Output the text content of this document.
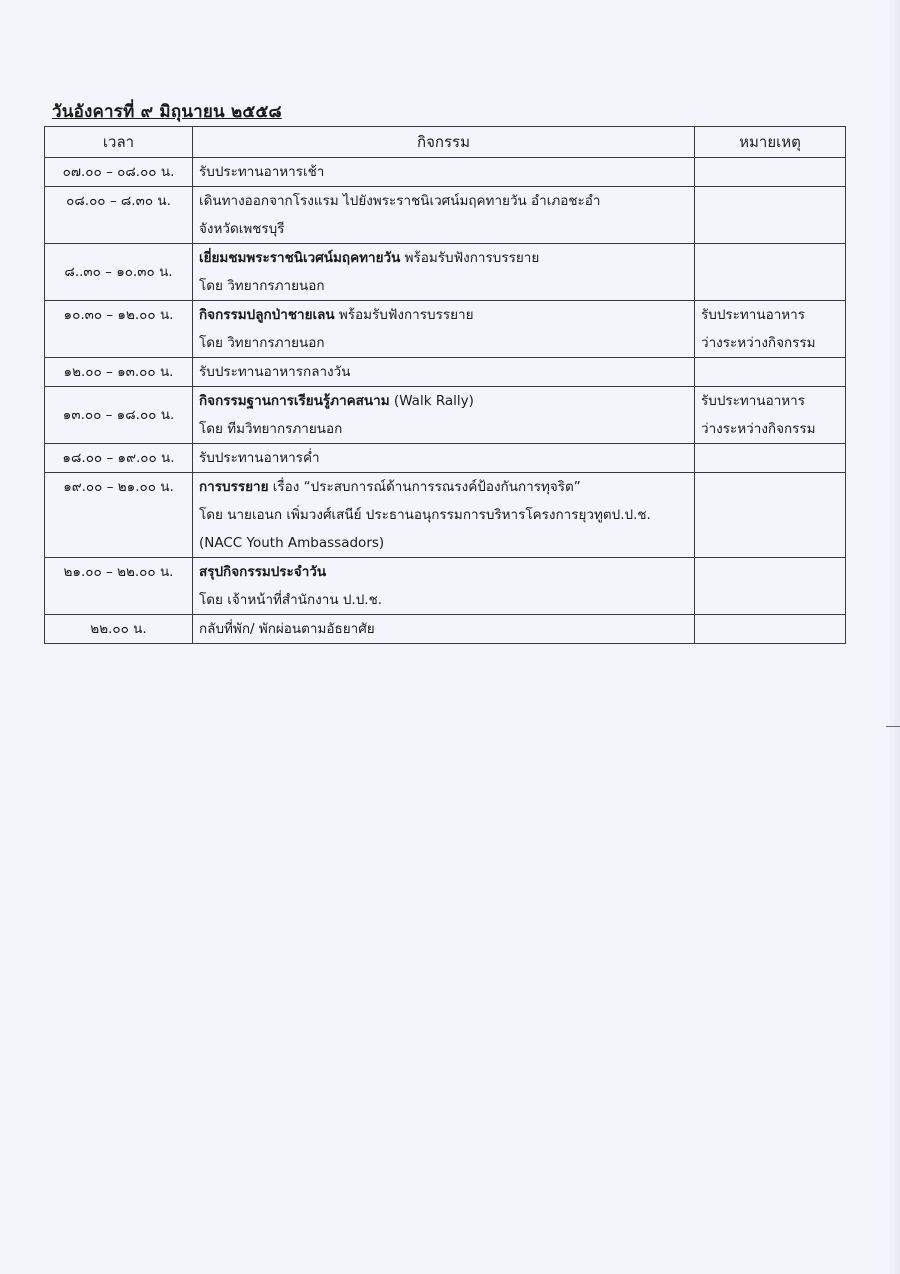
วันอังคารที่ ๙ มิถุนายน ๒๕๕๘
เวลา	กิจกรรม	หมายเหตุ
๐๗.๐๐ – ๐๘.๐๐ น.	รับประทานอาหารเช้า	

๐๘.๐๐ – ๘.๓๐ น.	เดินทางออกจากโรงแรม ไปยังพระราชนิเวศน์มฤคทายวัน อำเภอชะอำ
จังหวัดเพชรบุรี	

๘..๓๐ – ๑๐.๓๐ น.	เยี่ยมชมพระราชนิเวศน์มฤคทายวัน พร้อมรับฟังการบรรยาย
โดย วิทยากรภายนอก	

๑๐.๓๐ – ๑๒.๐๐ น.	กิจกรรมปลูกป่าชายเลน พร้อมรับฟังการบรรยาย
โดย วิทยากรภายนอก	รับประทานอาหาร
ว่างระหว่างกิจกรรม

๑๒.๐๐ – ๑๓.๐๐ น.	รับประทานอาหารกลางวัน	

๑๓.๐๐ – ๑๘.๐๐ น.	กิจกรรมฐานการเรียนรู้ภาคสนาม (Walk Rally)
โดย ทีมวิทยากรภายนอก	รับประทานอาหาร
ว่างระหว่างกิจกรรม

๑๘.๐๐ – ๑๙.๐๐ น.	รับประทานอาหารค่ำ	

๑๙.๐๐ – ๒๑.๐๐ น.	การบรรยาย เรื่อง “ประสบการณ์ด้านการรณรงค์ป้องกันการทุจริต”
โดย นายเอนก เพิ่มวงศ์เสนีย์ ประธานอนุกรรมการบริหารโครงการยุวทูตป.ป.ช.
(NACC Youth Ambassadors)	

๒๑.๐๐ – ๒๒.๐๐ น.	สรุปกิจกรรมประจำวัน
โดย เจ้าหน้าที่สำนักงาน ป.ป.ช.	

๒๒.๐๐ น.	กลับที่พัก/ พักผ่อนตามอัธยาศัย	
